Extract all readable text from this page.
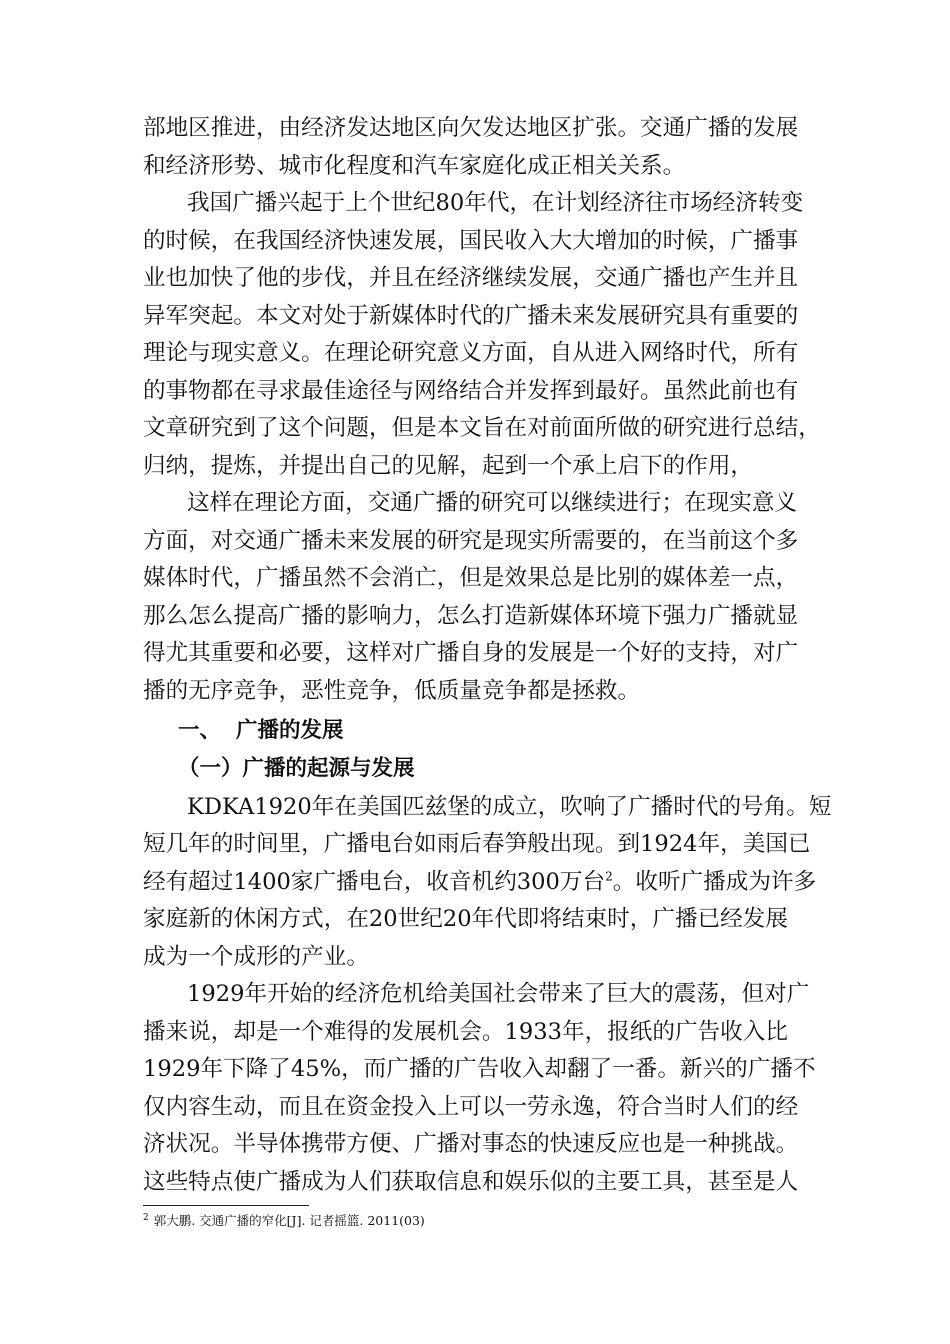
部地区推进，由经济发达地区向欠发达地区扩张。交通广播的发展

和经济形势、城市化程度和汽车家庭化成正相关关系。

我国广播兴起于上个世纪80年代，在计划经济往市场经济转变

的时候，在我国经济快速发展，国民收入大大增加的时候，广播事

业也加快了他的步伐，并且在经济继续发展，交通广播也产生并且

异军突起。本文对处于新媒体时代的广播未来发展研究具有重要的

理论与现实意义。在理论研究意义方面，自从进入网络时代，所有

的事物都在寻求最佳途径与网络结合并发挥到最好。虽然此前也有

文章研究到了这个问题，但是本文旨在对前面所做的研究进行总结，

归纳，提炼，并提出自己的见解，起到一个承上启下的作用，

这样在理论方面，交通广播的研究可以继续进行；在现实意义

方面，对交通广播未来发展的研究是现实所需要的，在当前这个多

媒体时代，广播虽然不会消亡，但是效果总是比别的媒体差一点，

那么怎么提高广播的影响力，怎么打造新媒体环境下强力广播就显

得尤其重要和必要，这样对广播自身的发展是一个好的支持，对广

播的无序竞争，恶性竞争，低质量竞争都是拯救。

一、  广播的发展

（一）广播的起源与发展

KDKA1920年在美国匹兹堡的成立，吹响了广播时代的号角。短

短几年的时间里，广播电台如雨后春笋般出现。到1924年，美国已

经有超过1400家广播电台，收音机约300万台$^2$。收听广播成为许多

家庭新的休闲方式，在20世纪20年代即将结束时，广播已经发展

成为一个成形的产业。

1929年开始的经济危机给美国社会带来了巨大的震荡，但对广

播来说，却是一个难得的发展机会。1933年，报纸的广告收入比

1929年下降了45%，而广播的广告收入却翻了一番。新兴的广播不

仅内容生动，而且在资金投入上可以一劳永逸，符合当时人们的经

济状况。半导体携带方便、广播对事态的快速反应也是一种挑战。

这些特点使广播成为人们获取信息和娱乐似的主要工具，甚至是人

$^2$ 郭大鹏. 交通广播的窄化[J]. 记者摇篮. 2011(03)
